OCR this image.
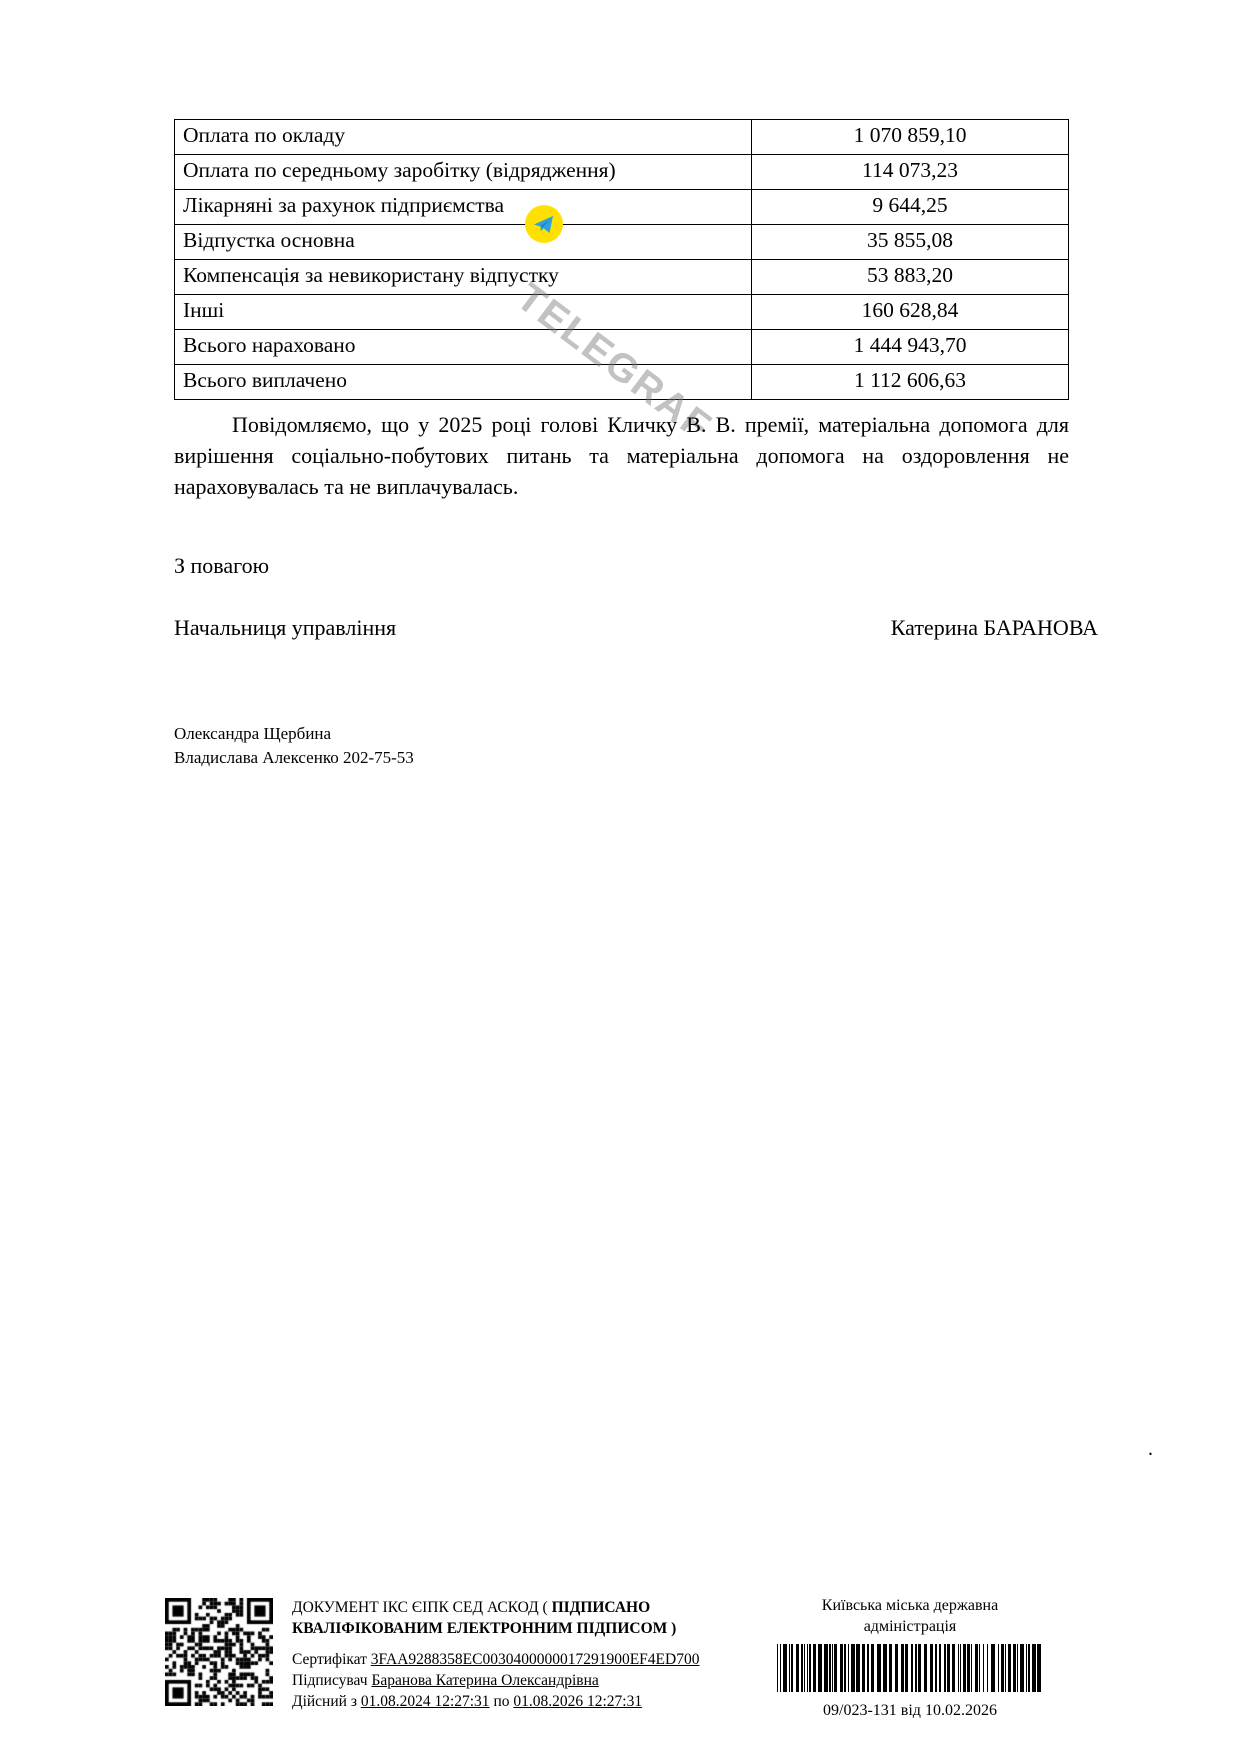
Оплата по окладу	1 070 859,10
Оплата по середньому заробітку (відрядження)	114 073,23
Лікарняні за рахунок підприємства	9 644,25
Відпустка основна	35 855,08
Компенсація за невикористану відпустку	53 883,20
Інші	160 628,84
Всього нараховано	1 444 943,70
Всього виплачено	1 112 606,63
TELEGRAF
Повідомляємо, що у 2025 році голові Кличку В. В. премії, матеріальна допомога для вирішення соціально-побутових питань та матеріальна допомога на оздоровлення не нараховувалась та не виплачувалась.
З повагою
Начальниця управління	Катерина БАРАНОВА
Олександра Щербина
Владислава Алексенко 202-75-53
.
ДОКУМЕНТ ІКС ЄІПК СЕД АСКОД ( ПІДПИСАНО
КВАЛІФІКОВАНИМ ЕЛЕКТРОННИМ ПІДПИСОМ )
Сертифікат 3FAA9288358EC0030400000017291900EF4ED700
Підписувач Баранова Катерина Олександрівна
Дійсний з 01.08.2024 12:27:31 по 01.08.2026 12:27:31
Київська міська державна
адміністрація
09/023-131 від 10.02.2026
